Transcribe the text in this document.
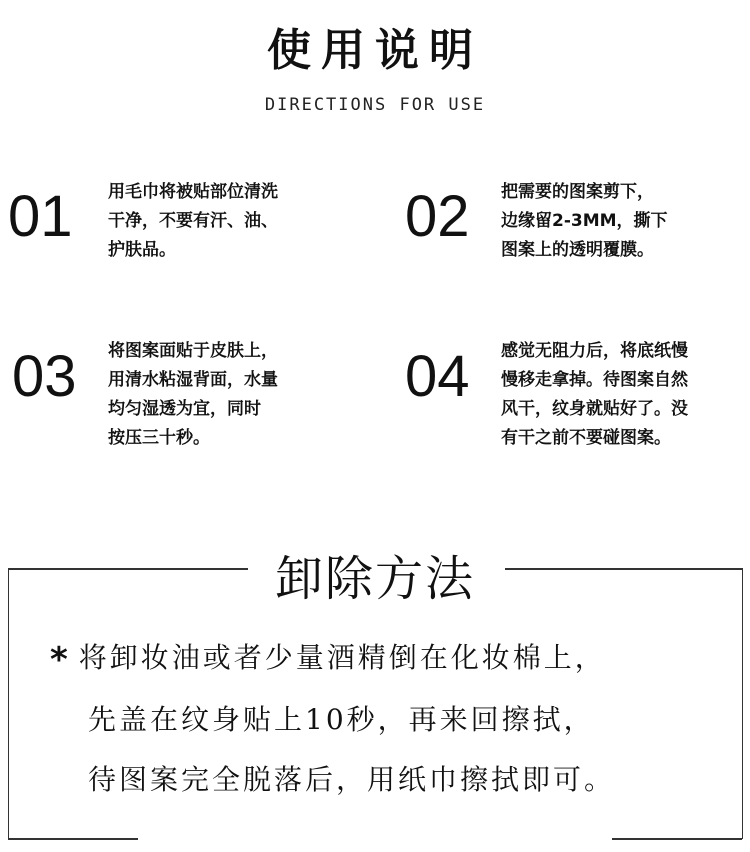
使用说明
DIRECTIONS FOR USE
01 用毛巾将被贴部位清洗
干净，不要有汗、油、
护肤品。
02 把需要的图案剪下，
边缘留2-3MM，撕下
图案上的透明覆膜。
03 将图案面贴于皮肤上，
用清水粘湿背面，水量
均匀湿透为宜，同时
按压三十秒。
04 感觉无阻力后，将底纸慢
慢移走拿掉。待图案自然
风干，纹身就贴好了。没
有干之前不要碰图案。
卸除方法
* 将卸妆油或者少量酒精倒在化妆棉上，
先盖在纹身贴上10秒，再来回擦拭，
待图案完全脱落后，用纸巾擦拭即可。
